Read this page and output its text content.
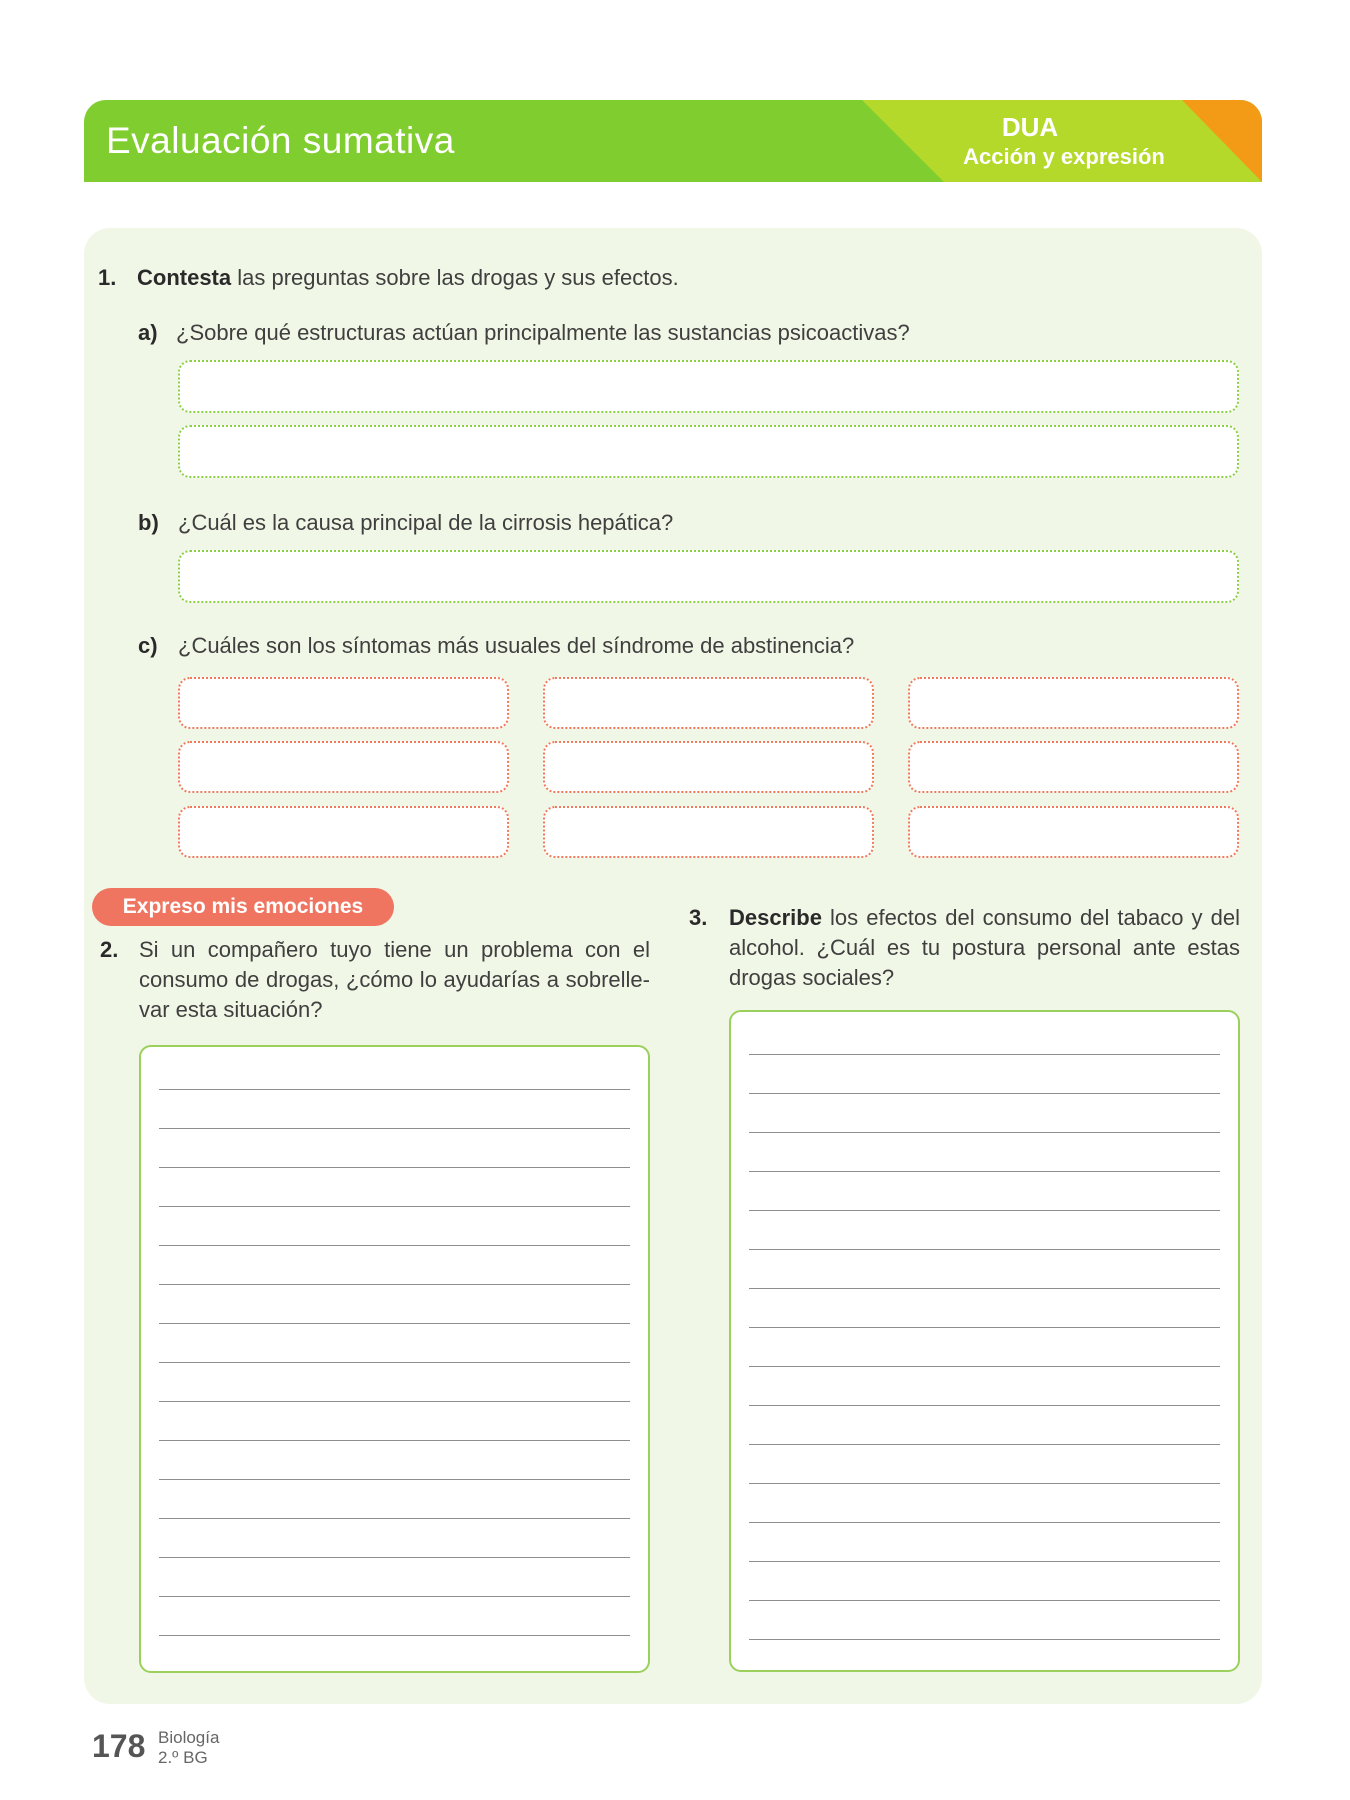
Evaluación sumativa	DUA
Acción y expresión
1. Contesta las preguntas sobre las drogas y sus efectos.
a) ¿Sobre qué estructuras actúan principalmente las sustancias psicoactivas?
b) ¿Cuál es la causa principal de la cirrosis hepática?
c) ¿Cuáles son los síntomas más usuales del síndrome de abstinencia?
Expreso mis emociones
2. Si un compañero tuyo tiene un problema con el consumo de drogas, ¿cómo lo ayudarías a sobrelle-var esta situación?
3. Describe los efectos del consumo del tabaco y del alcohol. ¿Cuál es tu postura personal ante estas drogas sociales?
178 Biología
2.º BG
